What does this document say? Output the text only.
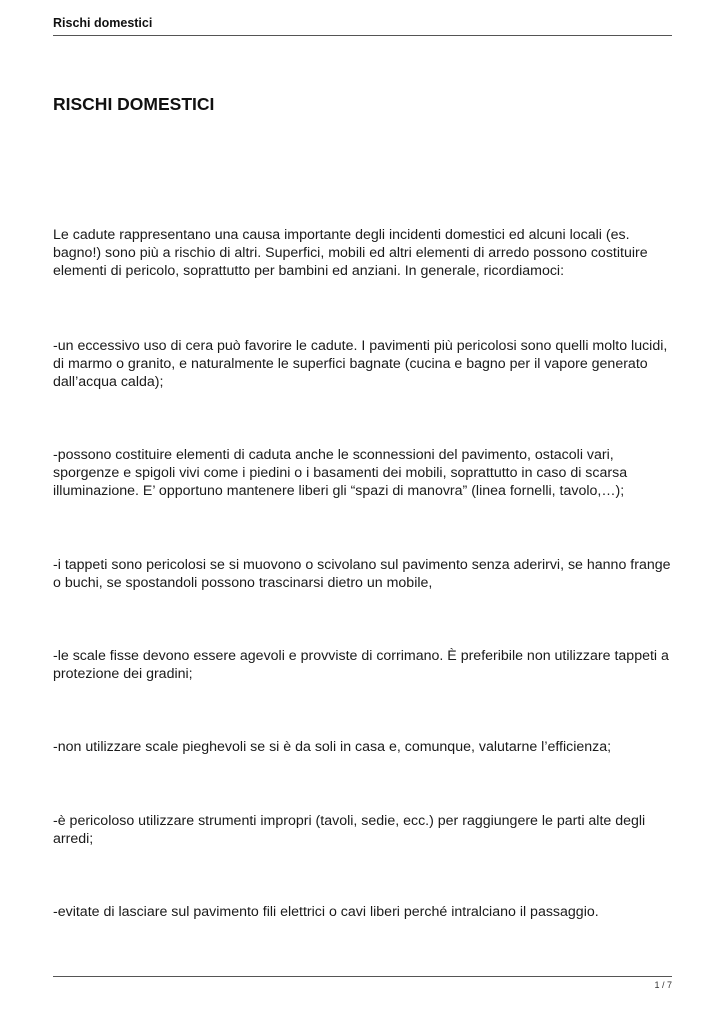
Rischi domestici
RISCHI DOMESTICI

Le cadute rappresentano una causa importante degli incidenti domestici ed alcuni locali (es. bagno!) sono più a rischio di altri. Superfici, mobili ed altri elementi di arredo possono costituire elementi di pericolo, soprattutto per bambini ed anziani. In generale, ricordiamoci:

-un eccessivo uso di cera può favorire le cadute. I pavimenti più pericolosi sono quelli molto lucidi, di marmo o granito, e naturalmente le superfici bagnate (cucina e bagno per il vapore generato dall’acqua calda);

-possono costituire elementi di caduta anche le sconnessioni del pavimento, ostacoli vari, sporgenze e spigoli vivi come i piedini o i basamenti dei mobili, soprattutto in caso di scarsa illuminazione. E’ opportuno mantenere liberi gli “spazi di manovra” (linea fornelli, tavolo,…);

-i tappeti sono pericolosi se si muovono o scivolano sul pavimento senza aderirvi, se hanno frange o buchi, se spostandoli possono trascinarsi dietro un mobile,

-le scale fisse devono essere agevoli e provviste di corrimano. È preferibile non utilizzare tappeti a protezione dei gradini;

-non utilizzare scale pieghevoli se si è da soli in casa e, comunque, valutarne l’efficienza;

-è pericoloso utilizzare strumenti impropri (tavoli, sedie, ecc.) per raggiungere le parti alte degli arredi;

-evitate di lasciare sul pavimento fili elettrici o cavi liberi perché intralciano il passaggio.

1 / 7
